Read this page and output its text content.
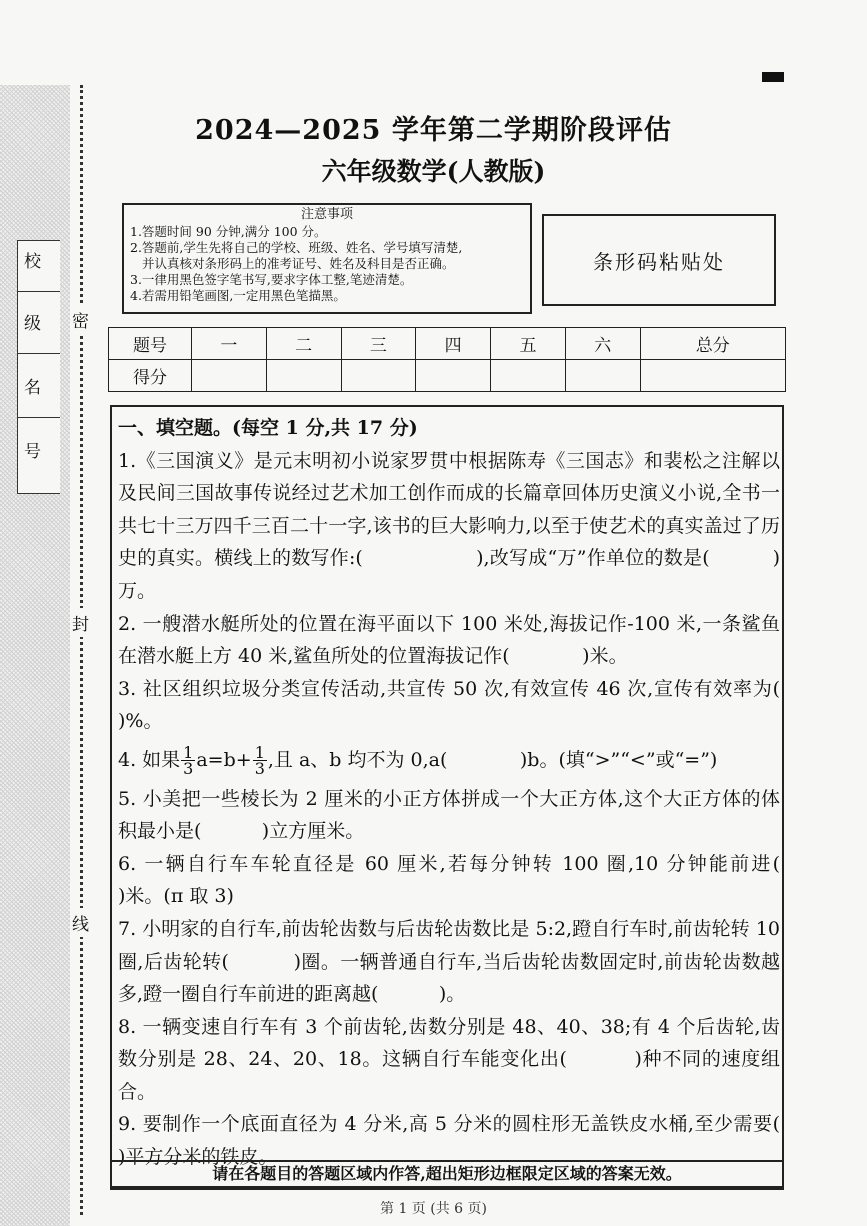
密
封
线
校
级
名
号
2024—2025 学年第二学期阶段评估
六年级数学(人教版)
注意事项
1.答题时间 90 分钟,满分 100 分。
2.答题前,学生先将自己的学校、班级、姓名、学号填写清楚,
并认真核对条形码上的准考证号、姓名及科目是否正确。
3.一律用黑色签字笔书写,要求字体工整,笔迹清楚。
4.若需用铅笔画图,一定用黑色笔描黑。
条形码粘贴处
题号	一	二	三	四	五	六	总分
得分							

一、填空题。(每空 1 分,共 17 分)

1.《三国演义》是元末明初小说家罗贯中根据陈寿《三国志》和裴松之注解以及民间三国故事传说经过艺术加工创作而成的长篇章回体历史演义小说,全书一共七十三万四千三百二十一字,该书的巨大影响力,以至于使艺术的真实盖过了历史的真实。横线上的数写作:(                  ),改写成“万”作单位的数是(          )万。

2. 一艘潜水艇所处的位置在海平面以下 100 米处,海拔记作-100 米,一条鲨鱼在潜水艇上方 40 米,鲨鱼所处的位置海拔记作(            )米。

3. 社区组织垃圾分类宣传活动,共宣传 50 次,有效宣传 46 次,宣传有效率为(          )%。

4. 如果 $\frac{1}{3} a=b+ \frac{1}{3}$ ,且 a、b 均不为 0,a(            )b。(填“>”“<”或“=”)

5. 小美把一些棱长为 2 厘米的小正方体拼成一个大正方体,这个大正方体的体积最小是(          )立方厘米。

6. 一辆自行车车轮直径是 60 厘米,若每分钟转 100 圈,10 分钟能前进(            )米。(π 取 3)

7. 小明家的自行车,前齿轮齿数与后齿轮齿数比是 5:2,蹬自行车时,前齿轮转 10 圈,后齿轮转(          )圈。一辆普通自行车,当后齿轮齿数固定时,前齿轮齿数越多,蹬一圈自行车前进的距离越(          )。

8. 一辆变速自行车有 3 个前齿轮,齿数分别是 48、40、38;有 4 个后齿轮,齿数分别是 28、24、20、18。这辆自行车能变化出(          )种不同的速度组合。

9. 要制作一个底面直径为 4 分米,高 5 分米的圆柱形无盖铁皮水桶,至少需要(          )平方分米的铁皮。

请在各题目的答题区域内作答,超出矩形边框限定区域的答案无效。
第 1 页 (共 6 页)
